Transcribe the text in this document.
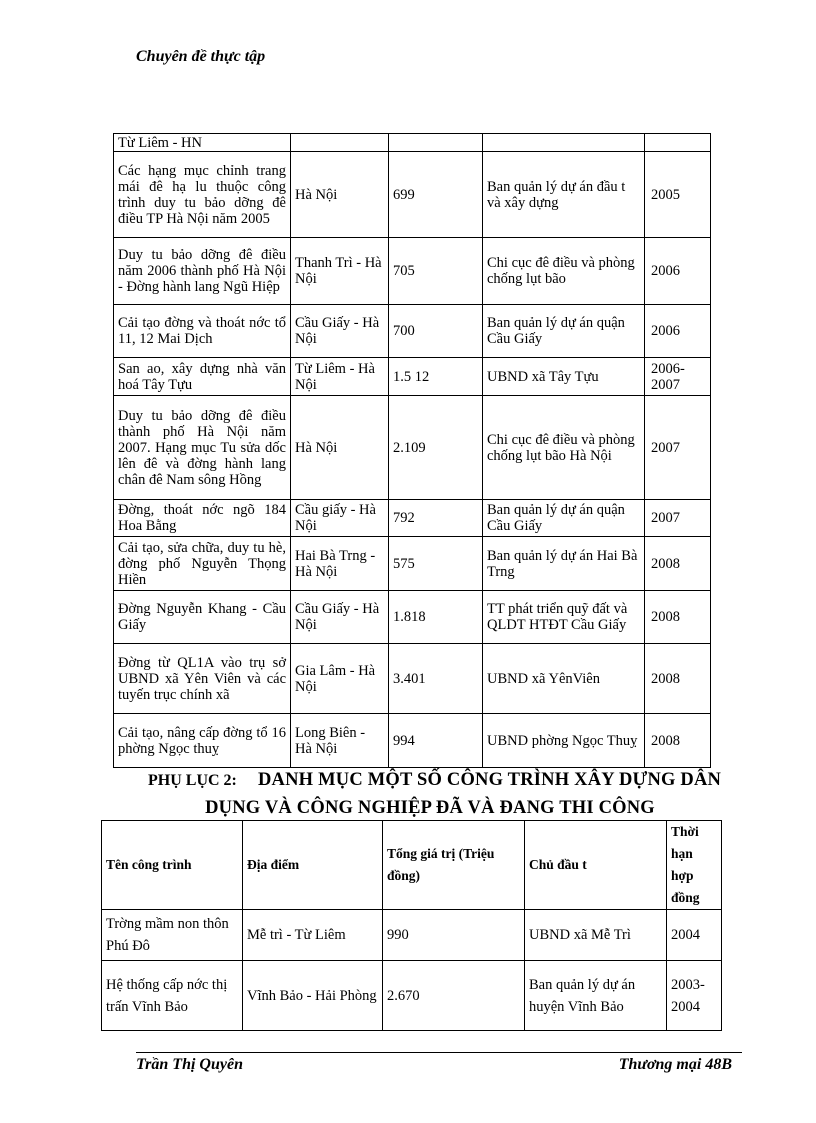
Chuyên đề thực tập
Từ Liêm - HN				
Các hạng mục chỉnh trang mái đê hạ lu thuộc công trình duy tu bảo dỡng đê điều TP Hà Nội năm 2005	Hà Nội	699	Ban quản lý dự án đầu t và xây dựng	2005
Duy tu bảo dỡng đê điều năm 2006 thành phố Hà Nội - Đờng hành lang Ngũ Hiệp	Thanh Trì - Hà Nội	705	Chi cục đê điều và phòng chống lụt bão	2006
Cải tạo đờng và thoát nớc tổ 11, 12 Mai Dịch	Cầu Giấy - Hà Nội	700	Ban quản lý dự án quận Cầu Giấy	2006
San ao, xây dựng nhà văn hoá Tây Tựu	Từ Liêm - Hà Nội	1.5 12	UBND xã Tây Tựu	2006-2007
Duy tu bảo dỡng đê điều thành phố Hà Nội năm 2007. Hạng mục Tu sửa dốc lên đê và đờng hành lang chân đê Nam sông Hồng	Hà Nội	2.109	Chi cục đê điều và phòng chống lụt bão Hà Nội	2007
Đờng, thoát nớc ngõ 184 Hoa Bằng	Cầu giấy - Hà Nội	792	Ban quản lý dự án quận Cầu Giấy	2007
Cải tạo, sửa chữa, duy tu hè, đờng phố Nguyễn Thọng Hiền	Hai Bà Trng - Hà Nội	575	Ban quản lý dự án Hai Bà Trng	2008
Đờng Nguyễn Khang - Cầu Giấy	Cầu Giấy - Hà Nội	1.818	TT phát triển quỹ đất và QLDT HTĐT Cầu Giấy	2008
Đờng từ QL1A vào trụ sở UBND xã Yên Viên và các tuyến trục chính xã	Gia Lâm - Hà Nội	3.401	UBND xã YênViên	2008
Cải tạo, nâng cấp đờng tổ 16 phờng Ngọc thuỵ	Long Biên - Hà Nội	994	UBND phờng Ngọc Thuỵ	2008
PHỤ LỤC 2: DANH MỤC MỘT SỐ CÔNG TRÌNH XÂY DỰNG DÂN
DỤNG VÀ CÔNG NGHIỆP ĐÃ VÀ ĐANG THI CÔNG
Tên công trình	Địa điểm	Tổng giá trị (Triệu đồng)	Chủ đầu t	Thời hạn hợp đồng
Trờng mầm non thôn Phú Đô	Mễ trì - Từ Liêm	990	UBND xã Mễ Trì	2004
Hệ thống cấp nớc thị trấn Vĩnh Bảo	Vĩnh Bảo - Hải Phòng	2.670	Ban quản lý dự án huyện Vĩnh Bảo	2003-2004
Trần Thị Quyên	Thương mại 48B
